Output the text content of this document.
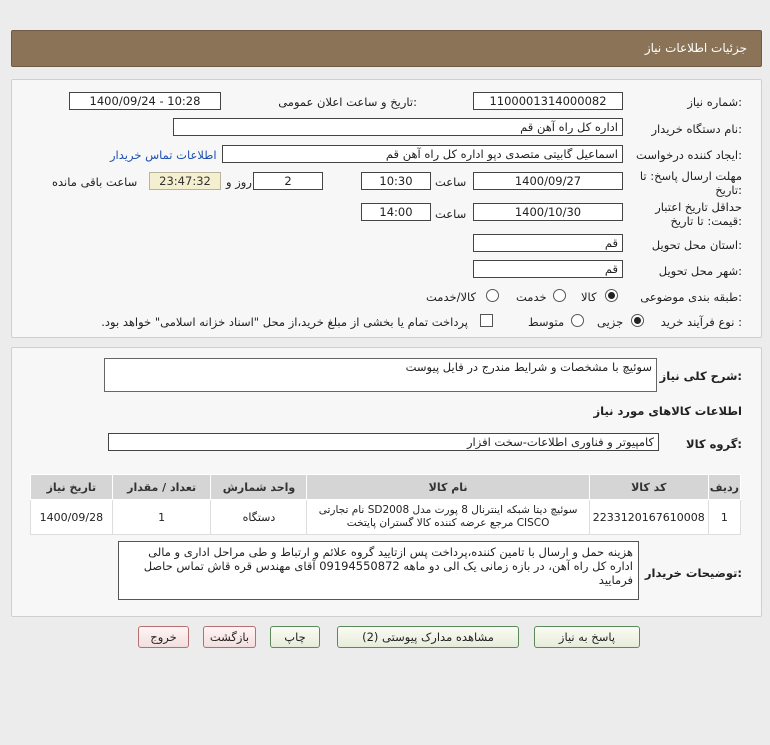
جزئیات اطلاعات نیاز
شماره نیاز:
1100001314000082
تاریخ و ساعت اعلان عمومی:
1400/09/24 - 10:28
نام دستگاه خریدار:
اداره کل راه آهن قم
ایجاد کننده درخواست:
اسماعیل گابیتی متصدی دپو اداره کل راه آهن قم
اطلاعات تماس خریدار
مهلت ارسال پاسخ: تا
تاریخ:
1400/09/27
ساعت
10:30
2
روز و
23:47:32
ساعت باقی مانده
حداقل تاریخ اعتبار
قیمت: تا تاریخ:
1400/10/30
ساعت
14:00
استان محل تحویل:
قم
شهر محل تحویل:
قم
طبقه بندی موضوعی:
کالا
خدمت
کالا/خدمت
نوع فرآیند خرید :
جزیی
متوسط
پرداخت تمام یا بخشی از مبلغ خرید،از محل "اسناد خزانه اسلامی" خواهد بود.
شرح کلی نیاز:
سوئیچ با مشخصات و شرایط مندرج در فایل پیوست
اطلاعات کالاهای مورد نیاز
گروه کالا:
کامپیوتر و فناوری اطلاعات-سخت افزار
تاریخ نیاز	تعداد / مقدار	واحد شمارش	نام کالا	کد کالا	ردیف
1400/09/28	1	دستگاه	سوئیچ دیتا شبکه اینترنال 8 پورت مدل SD2008 نام تجارتی
CISCO مرجع عرضه کننده کالا گستران پایتخت	2233120167610008	1
توضیحات خریدار:
هزینه حمل و ارسال با تامین کننده،پرداخت پس ازتایید گروه علائم و ارتباط و طی مراحل اداری و مالی
اداره کل راه آهن، در بازه زمانی یک الی دو ماهه 09194550872 آقای مهندس قره قاش تماس حاصل
فرمایید
پاسخ به نیاز
مشاهده مدارک پیوستی (2)
چاپ
بازگشت
خروج
